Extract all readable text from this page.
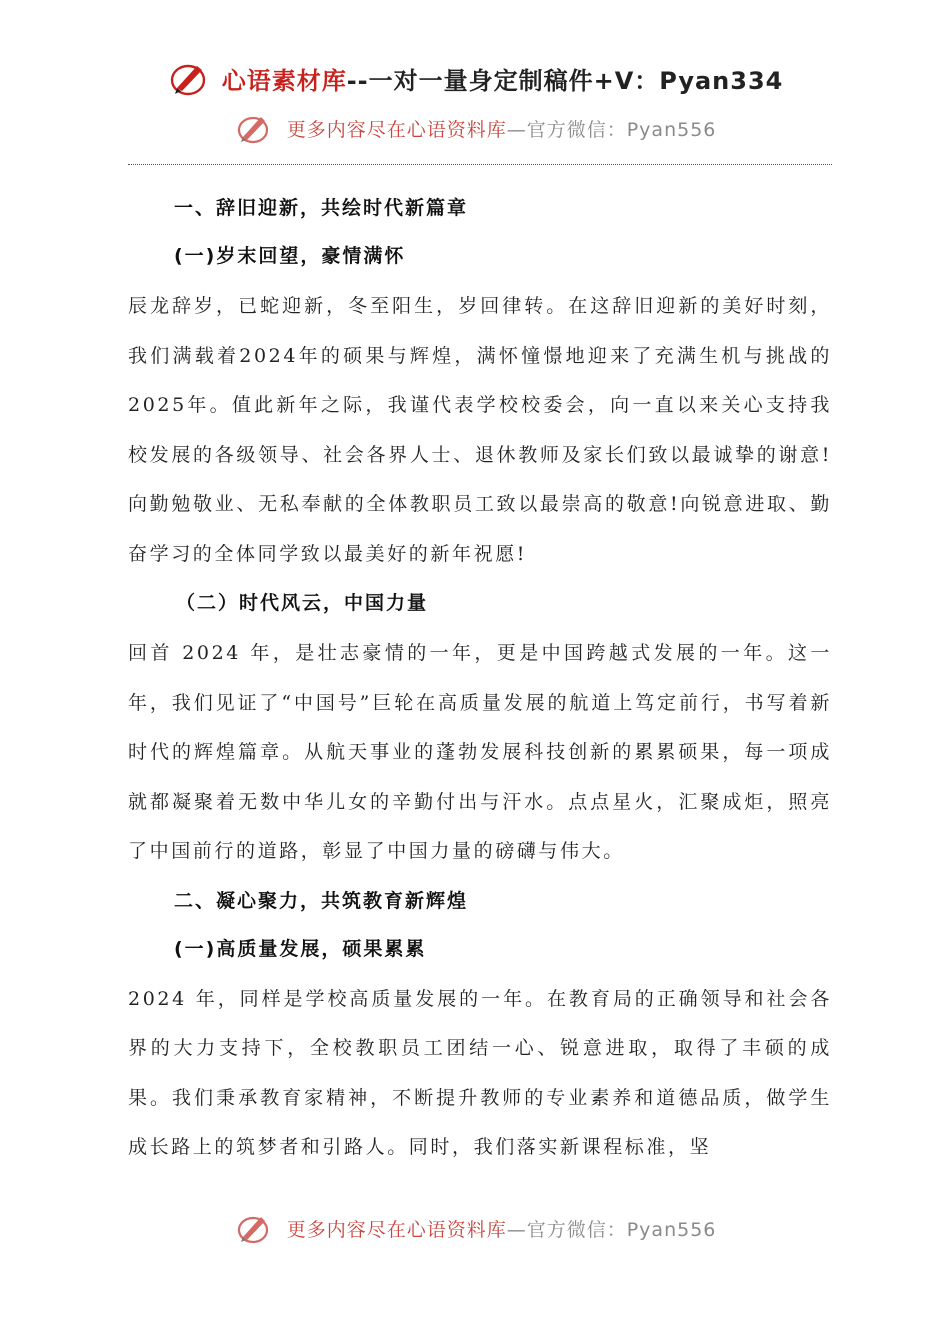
心语素材库--一对一量身定制稿件+V：Pyan334
更多内容尽在心语资料库—官方微信：Pyan556
一、辞旧迎新，共绘时代新篇章
(一)岁末回望，豪情满怀

辰龙辞岁，已蛇迎新，冬至阳生，岁回律转。在这辞旧迎新的美好时刻，我们满载着2024年的硕果与辉煌，满怀憧憬地迎来了充满生机与挑战的2025年。值此新年之际，我谨代表学校校委会，向一直以来关心支持我校发展的各级领导、社会各界人士、退休教师及家长们致以最诚挚的谢意!向勤勉敬业、无私奉献的全体教职员工致以最崇高的敬意!向锐意进取、勤奋学习的全体同学致以最美好的新年祝愿!

（二）时代风云，中国力量

回首 2024 年，是壮志豪情的一年，更是中国跨越式发展的一年。这一年，我们见证了“中国号”巨轮在高质量发展的航道上笃定前行，书写着新时代的辉煌篇章。从航天事业的蓬勃发展科技创新的累累硕果，每一项成就都凝聚着无数中华儿女的辛勤付出与汗水。点点星火，汇聚成炬，照亮了中国前行的道路，彰显了中国力量的磅礴与伟大。

二、凝心聚力，共筑教育新辉煌
(一)高质量发展，硕果累累

2024 年，同样是学校高质量发展的一年。在教育局的正确领导和社会各界的大力支持下，全校教职员工团结一心、锐意进取，取得了丰硕的成果。我们秉承教育家精神，不断提升教师的专业素养和道德品质，做学生成长路上的筑梦者和引路人。同时，我们落实新课程标准，坚

更多内容尽在心语资料库—官方微信：Pyan556
